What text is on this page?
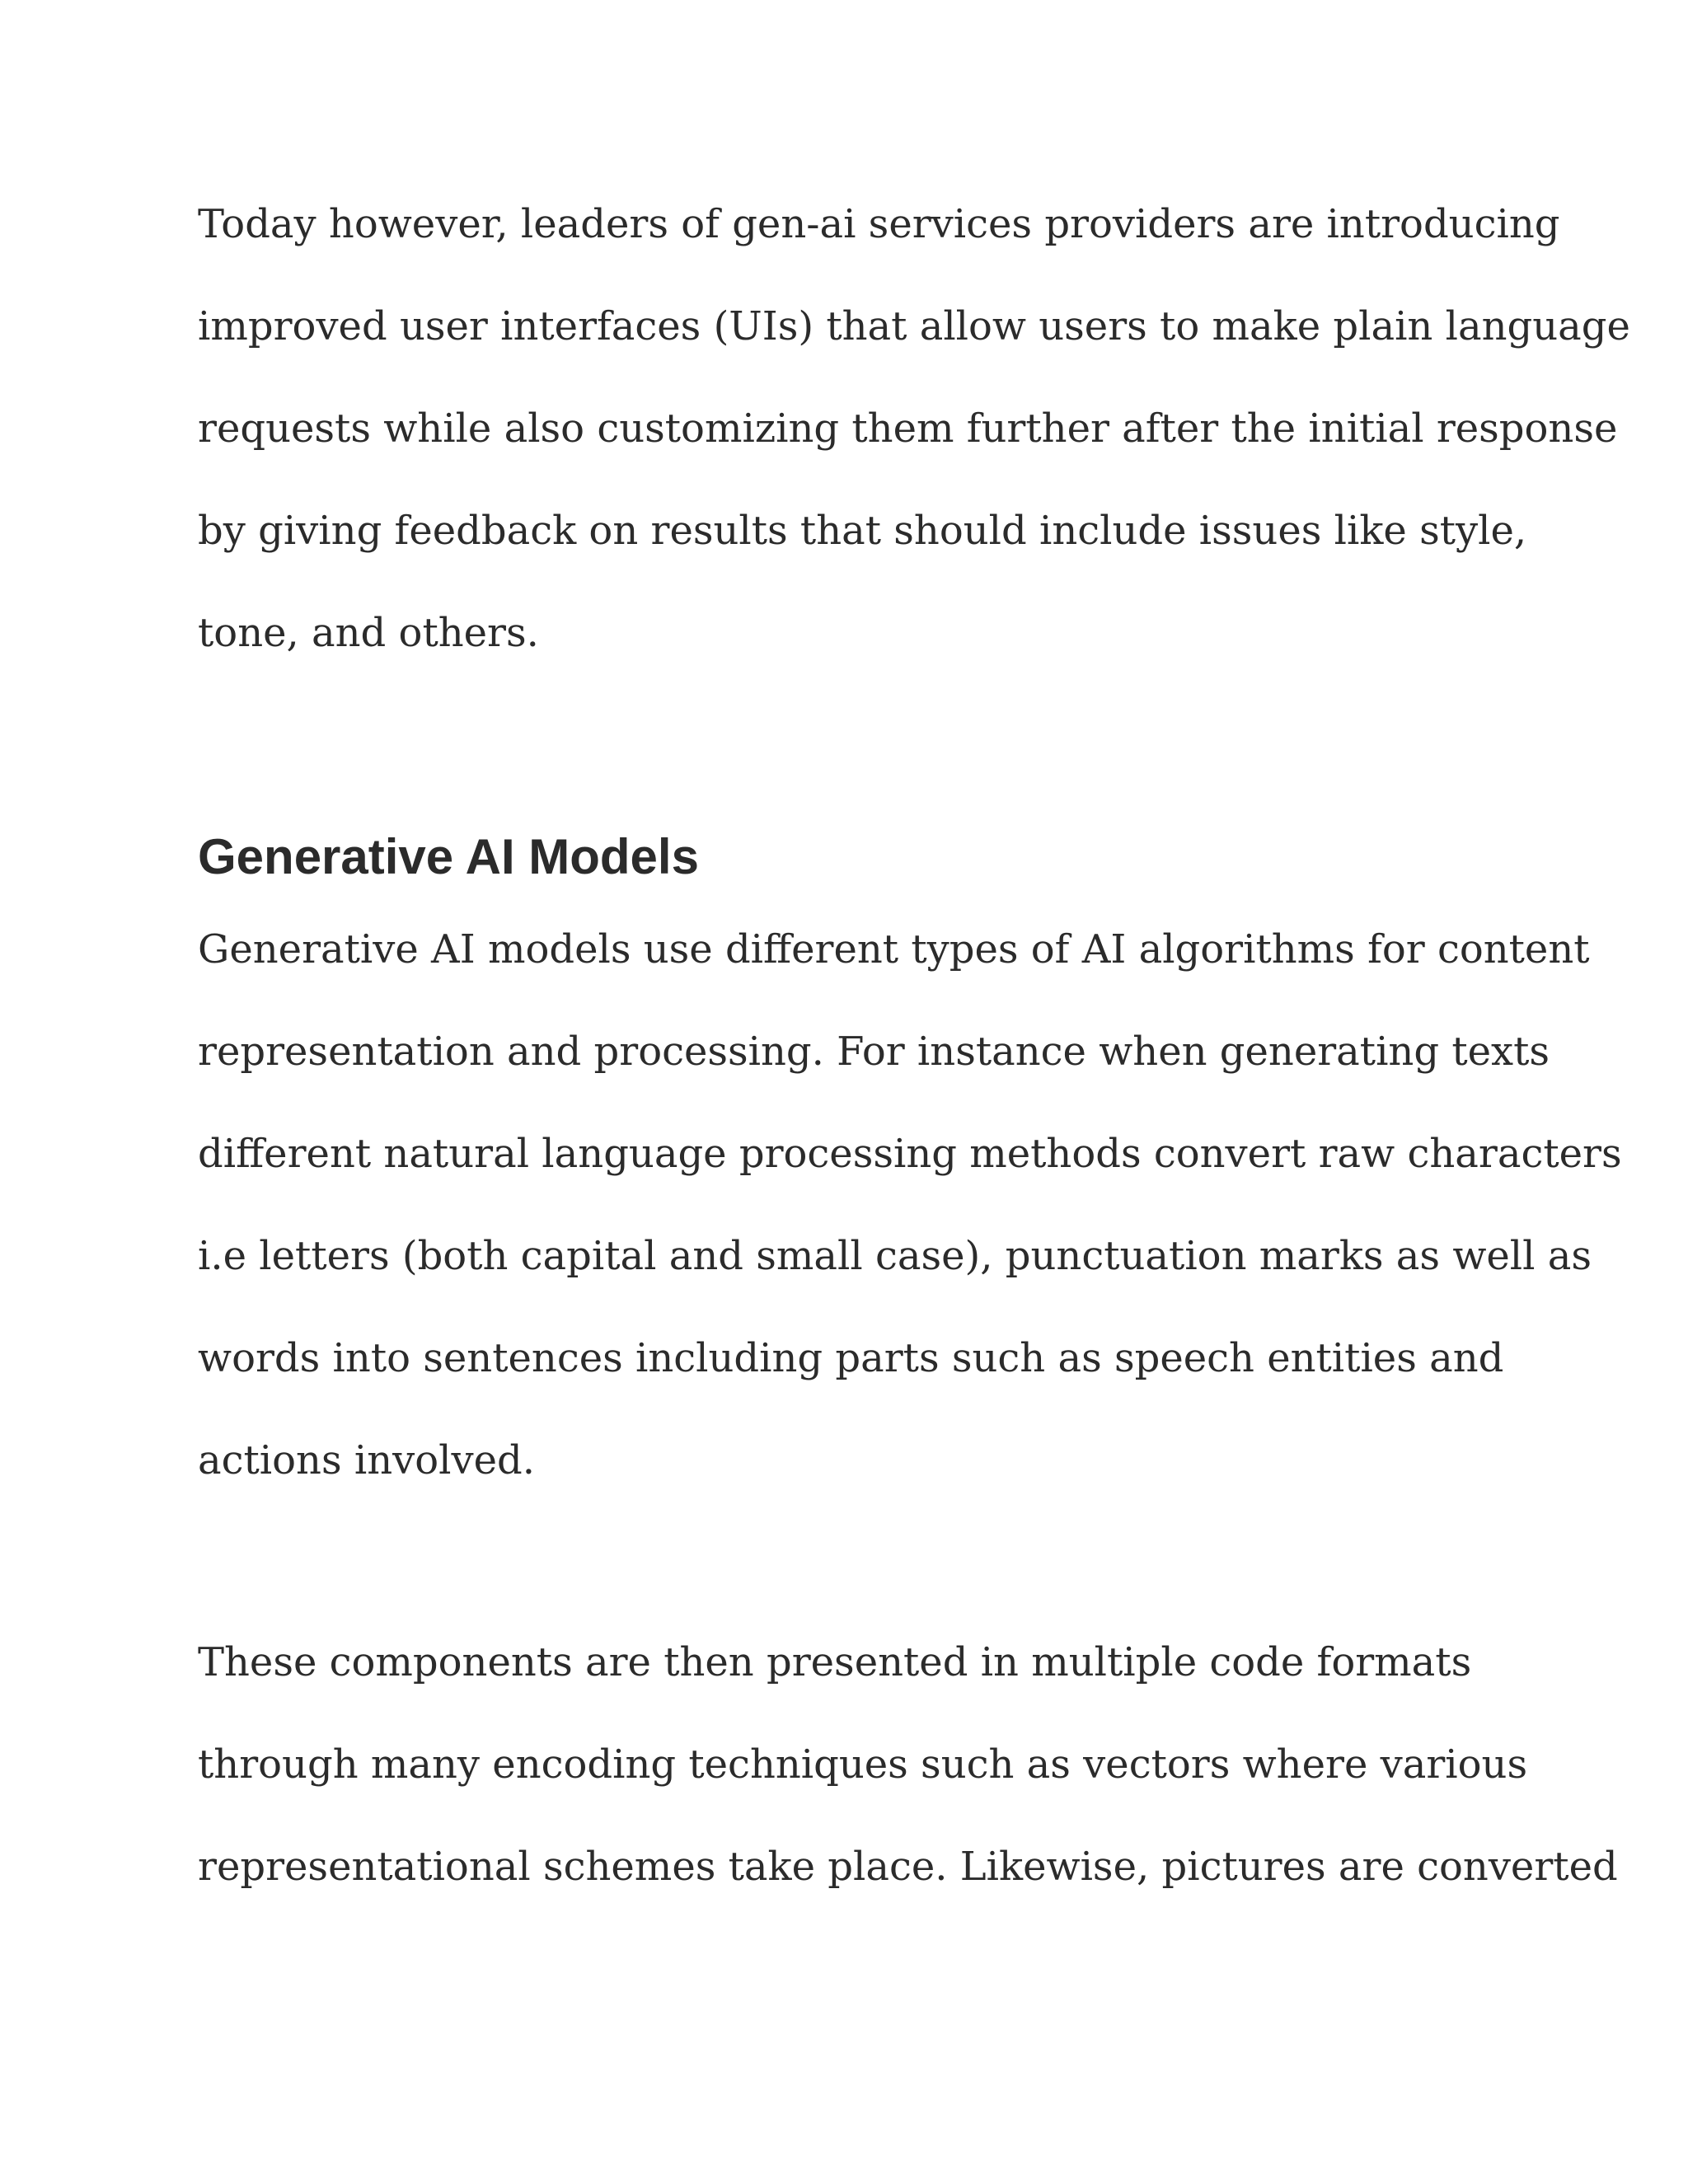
Today however, leaders of gen-ai services providers are introducing
improved user interfaces (UIs) that allow users to make plain language
requests while also customizing them further after the initial response
by giving feedback on results that should include issues like style,
tone, and others.

Generative AI Models

Generative AI models use different types of AI algorithms for content
representation and processing. For instance when generating texts
different natural language processing methods convert raw characters
i.e letters (both capital and small case), punctuation marks as well as
words into sentences including parts such as speech entities and
actions involved.

These components are then presented in multiple code formats
through many encoding techniques such as vectors where various
representational schemes take place. Likewise, pictures are converted
